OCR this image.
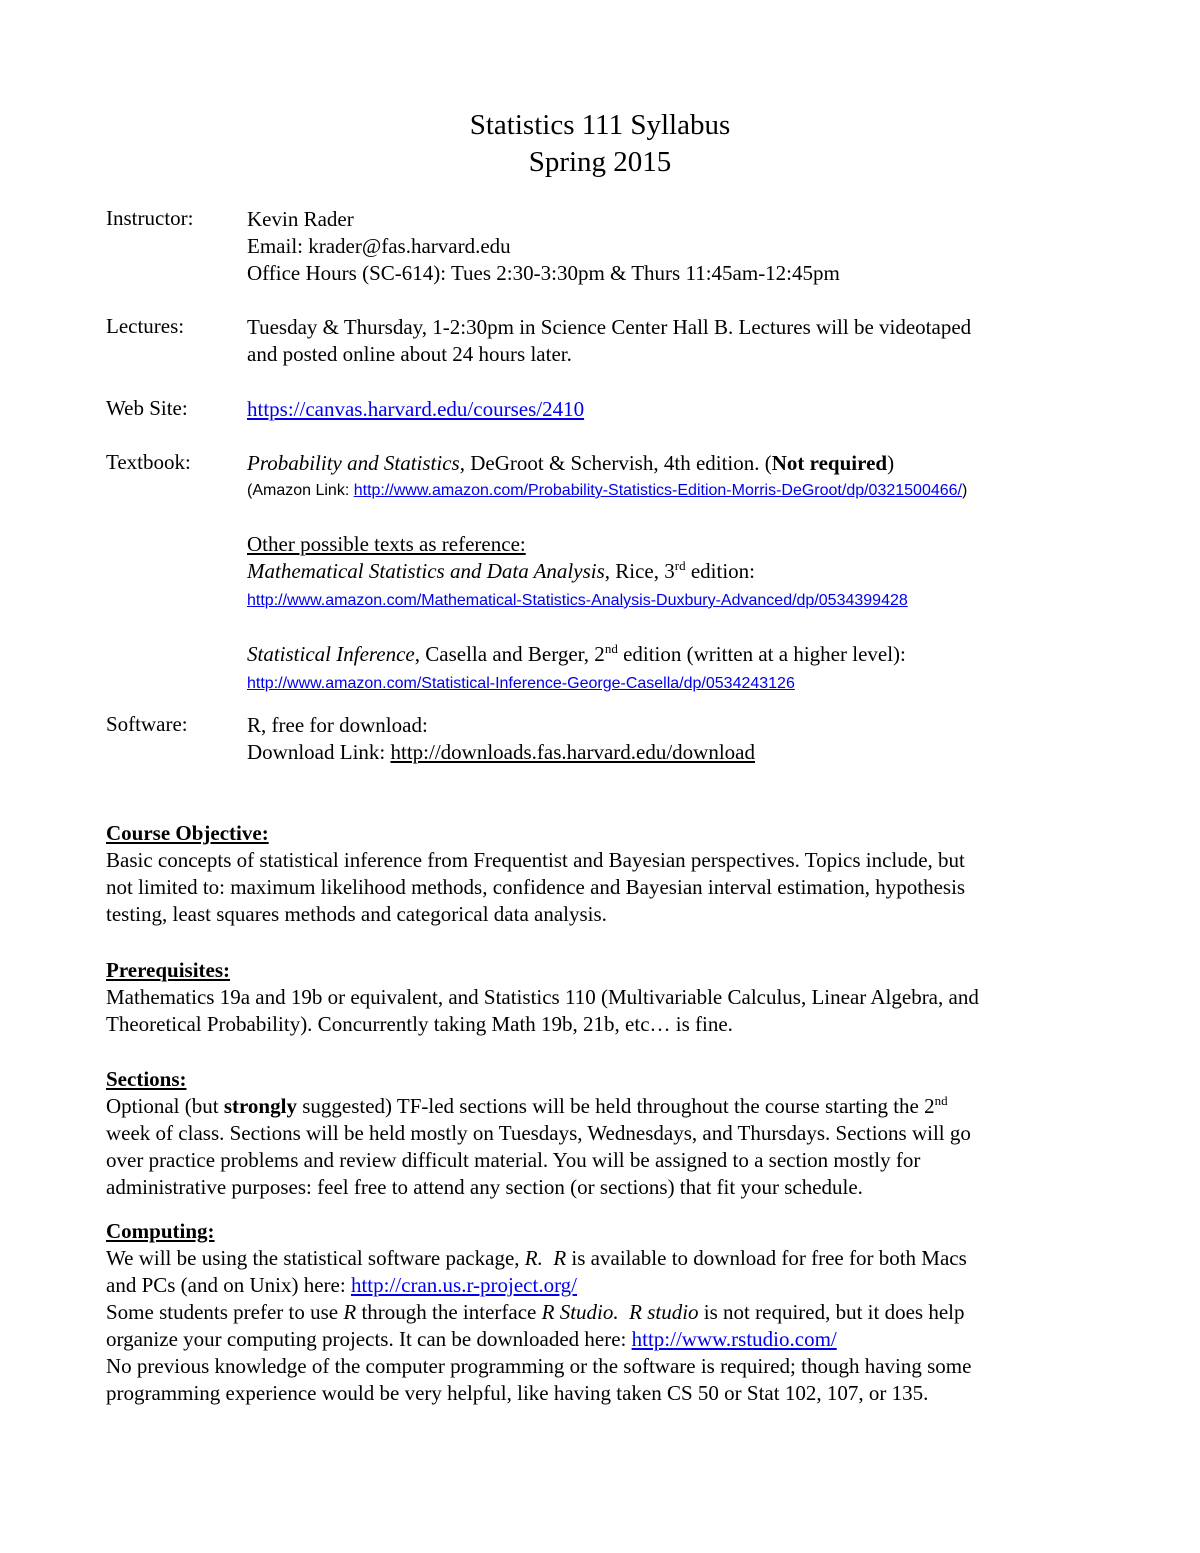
Statistics 111 Syllabus
Spring 2015
Instructor:	Kevin Rader
Email: krader@fas.harvard.edu
Office Hours (SC-614): Tues 2:30-3:30pm & Thurs 11:45am-12:45pm
Lectures:	Tuesday & Thursday, 1-2:30pm in Science Center Hall B. Lectures will be videotaped
and posted online about 24 hours later.
Web Site:	https://canvas.harvard.edu/courses/2410
Textbook:	Probability and Statistics, DeGroot & Schervish, 4th edition. (Not required)
(Amazon Link: http://www.amazon.com/Probability-Statistics-Edition-Morris-DeGroot/dp/0321500466/)
Other possible texts as reference:
Mathematical Statistics and Data Analysis, Rice, 3rd edition:
http://www.amazon.com/Mathematical-Statistics-Analysis-Duxbury-Advanced/dp/0534399428
Statistical Inference, Casella and Berger, 2nd edition (written at a higher level):
http://www.amazon.com/Statistical-Inference-George-Casella/dp/0534243126
Software:	R, free for download:
Download Link: http://downloads.fas.harvard.edu/download
Course Objective:
Basic concepts of statistical inference from Frequentist and Bayesian perspectives. Topics include, but
not limited to: maximum likelihood methods, confidence and Bayesian interval estimation, hypothesis
testing, least squares methods and categorical data analysis.
Prerequisites:
Mathematics 19a and 19b or equivalent, and Statistics 110 (Multivariable Calculus, Linear Algebra, and
Theoretical Probability). Concurrently taking Math 19b, 21b, etc… is fine.
Sections:
Optional (but strongly suggested) TF-led sections will be held throughout the course starting the 2nd
week of class. Sections will be held mostly on Tuesdays, Wednesdays, and Thursdays. Sections will go
over practice problems and review difficult material. You will be assigned to a section mostly for
administrative purposes: feel free to attend any section (or sections) that fit your schedule.
Computing:
We will be using the statistical software package, R. R is available to download for free for both Macs
and PCs (and on Unix) here: http://cran.us.r-project.org/
Some students prefer to use R through the interface R Studio. R studio is not required, but it does help
organize your computing projects. It can be downloaded here: http://www.rstudio.com/
No previous knowledge of the computer programming or the software is required; though having some
programming experience would be very helpful, like having taken CS 50 or Stat 102, 107, or 135.
